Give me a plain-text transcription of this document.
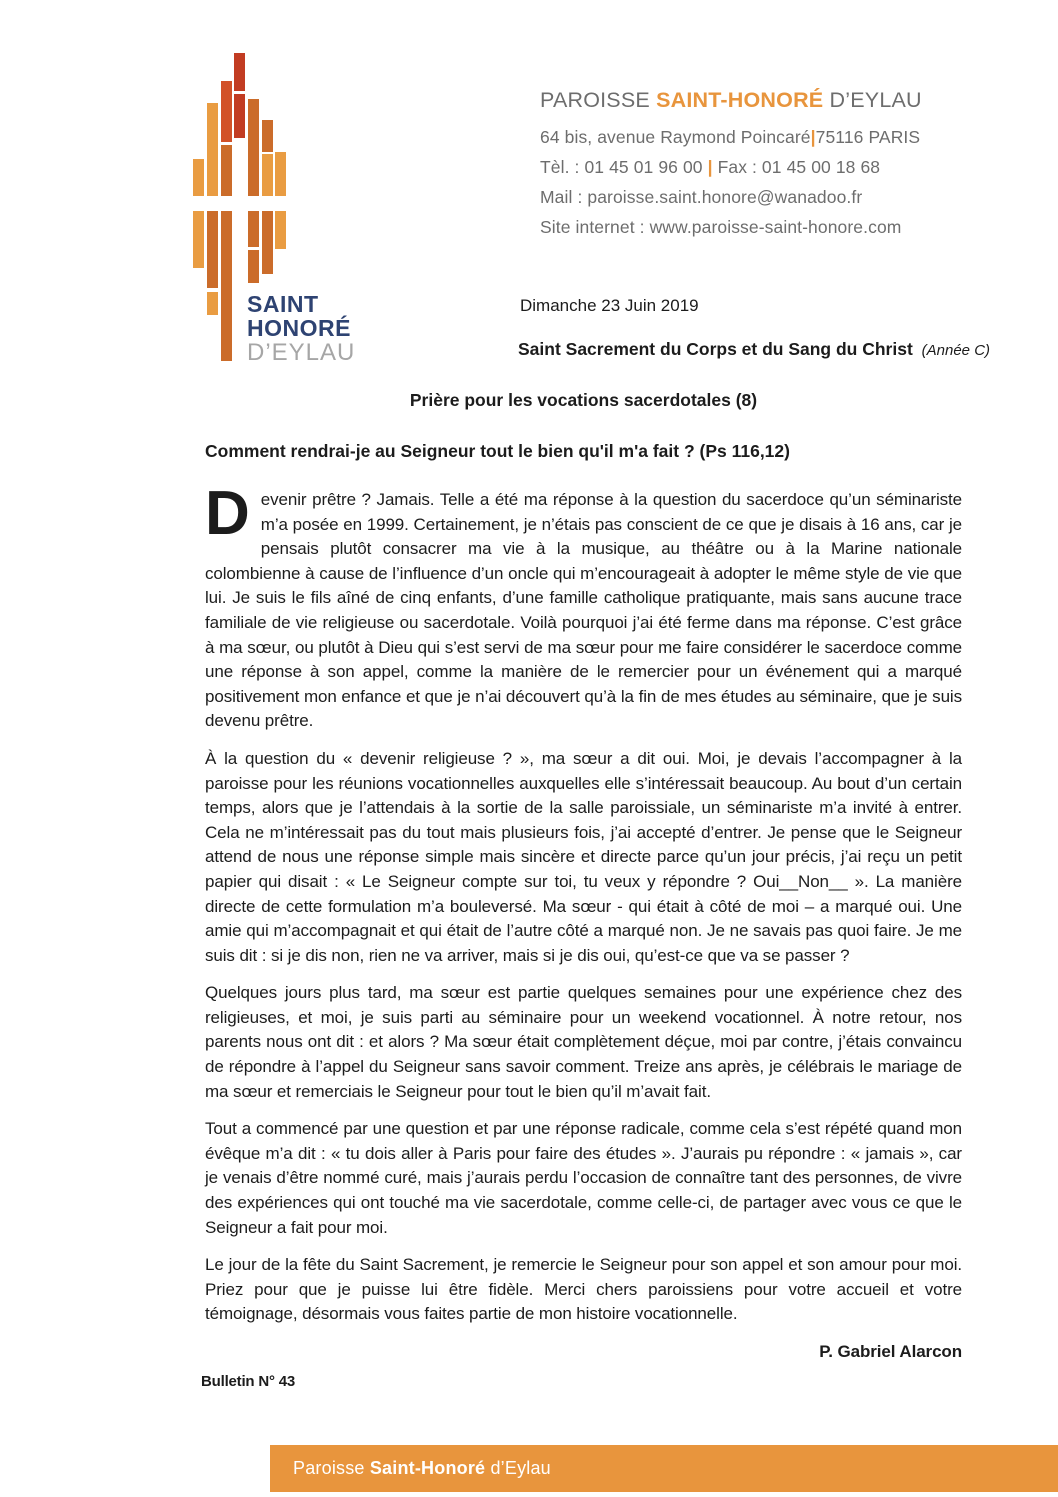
SAINT
HONORÉ
D’EYLAU
PAROISSE SAINT-HONORÉ D’EYLAU
64 bis, avenue Raymond Poincaré|75116 PARIS
Tèl. : 01 45 01 96 00 | Fax : 01 45 00 18 68
Mail : paroisse.saint.honore@wanadoo.fr
Site internet : www.paroisse-saint-honore.com
Dimanche 23 Juin 2019
Saint Sacrement du Corps et du Sang du Christ (Année C)
Prière pour les vocations sacerdotales (8)
Comment rendrai-je au Seigneur tout le bien qu'il m'a fait ? (Ps 116,12)

Devenir prêtre ? Jamais. Telle a été ma réponse à la question du sacerdoce qu’un séminariste m’a posée en 1999. Certainement, je n’étais pas conscient de ce que je disais à 16 ans, car je pensais plutôt consacrer ma vie à la musique, au théâtre ou à la Marine nationale colombienne à cause de l’influence d’un oncle qui m’encourageait à adopter le même style de vie que lui. Je suis le fils aîné de cinq enfants, d’une famille catholique pratiquante, mais sans aucune trace familiale de vie religieuse ou sacerdotale. Voilà pourquoi j’ai été ferme dans ma réponse. C’est grâce à ma sœur, ou plutôt à Dieu qui s’est servi de ma sœur pour me faire considérer le sacerdoce comme une réponse à son appel, comme la manière de le remercier pour un événement qui a marqué positivement mon enfance et que je n’ai découvert qu’à la fin de mes études au séminaire, que je suis devenu prêtre.

À la question du « devenir religieuse ? », ma sœur a dit oui. Moi, je devais l’accompagner à la paroisse pour les réunions vocationnelles auxquelles elle s’intéressait beaucoup. Au bout d’un certain temps, alors que je l’attendais à la sortie de la salle paroissiale, un séminariste m’a invité à entrer. Cela ne m’intéressait pas du tout mais plusieurs fois, j’ai accepté d’entrer. Je pense que le Seigneur attend de nous une réponse simple mais sincère et directe parce qu’un jour précis, j’ai reçu un petit papier qui disait : « Le Seigneur compte sur toi, tu veux y répondre ? Oui__Non__ ». La manière directe de cette formulation m’a bouleversé. Ma sœur - qui était à côté de moi – a marqué oui. Une amie qui m’accompagnait et qui était de l’autre côté a marqué non. Je ne savais pas quoi faire. Je me suis dit : si je dis non, rien ne va arriver, mais si je dis oui, qu’est-ce que va se passer ?

Quelques jours plus tard, ma sœur est partie quelques semaines pour une expérience chez des religieuses, et moi, je suis parti au séminaire pour un weekend vocationnel. À notre retour, nos parents nous ont dit : et alors ? Ma sœur était complètement déçue, moi par contre, j’étais convaincu de répondre à l’appel du Seigneur sans savoir comment. Treize ans après, je célébrais le mariage de ma sœur et remerciais le Seigneur pour tout le bien qu’il m’avait fait.

Tout a commencé par une question et par une réponse radicale, comme cela s’est répété quand mon évêque m’a dit : « tu dois aller à Paris pour faire des études ». J’aurais pu répondre : « jamais », car je venais d’être nommé curé, mais j’aurais perdu l’occasion de connaître tant des personnes, de vivre des expériences qui ont touché ma vie sacerdotale, comme celle-ci, de partager avec vous ce que le Seigneur a fait pour moi.

Le jour de la fête du Saint Sacrement, je remercie le Seigneur pour son appel et son amour pour moi. Priez pour que je puisse lui être fidèle. Merci chers paroissiens pour votre accueil et votre témoignage, désormais vous faites partie de mon histoire vocationnelle.

P. Gabriel Alarcon

Bulletin N° 43

Paroisse Saint-Honoré d’Eylau
